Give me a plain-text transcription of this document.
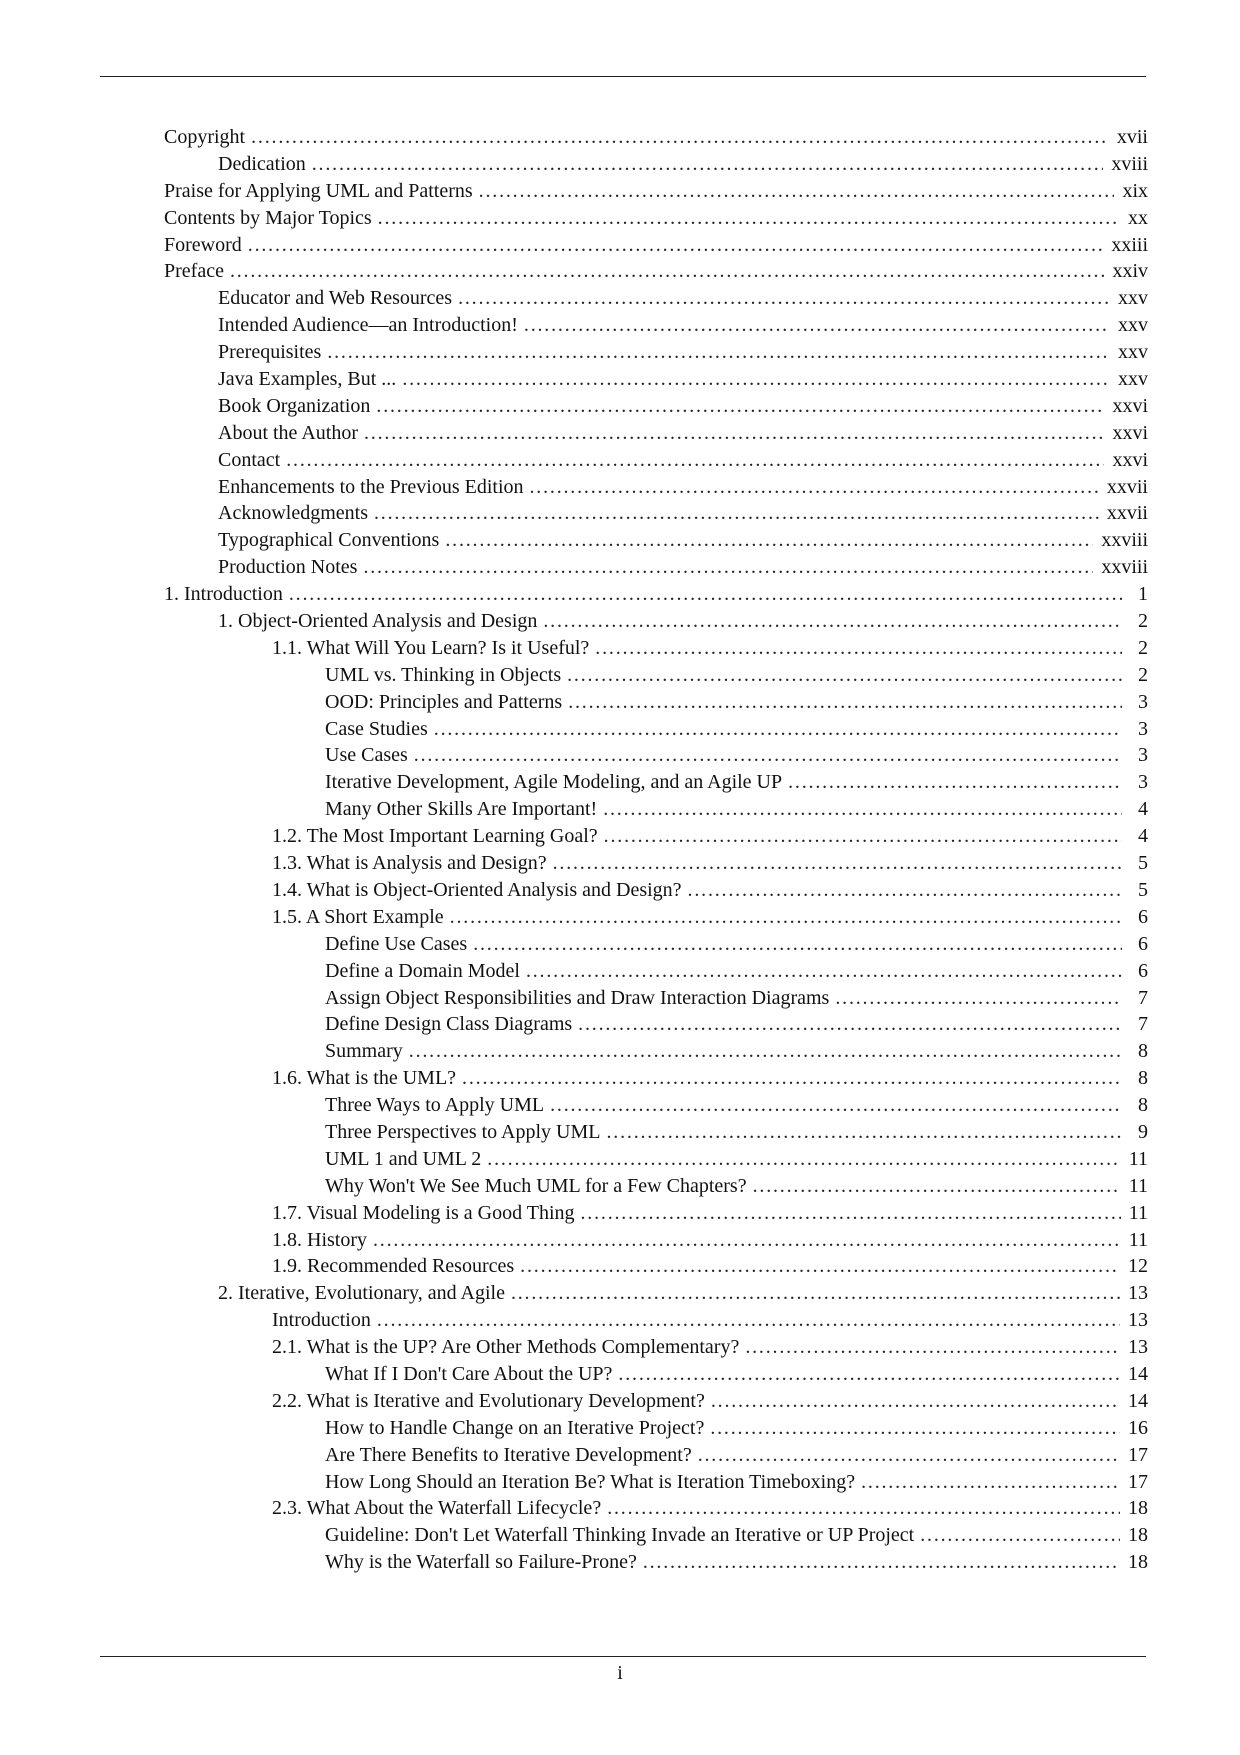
Copyright . . .	xvii
Dedication . . .	xviii
Praise for Applying UML and Patterns . . .	xix
Contents by Major Topics . . .	xx
Foreword . . .	xxiii
Preface . . .	xxiv
Educator and Web Resources . . .	xxv
Intended Audience—an Introduction! . . .	xxv
Prerequisites . . .	xxv
Java Examples, But ... . . .	xxv
Book Organization . . .	xxvi
About the Author . . .	xxvi
Contact . . .	xxvi
Enhancements to the Previous Edition . . .	xxvii
Acknowledgments . . .	xxvii
Typographical Conventions . . .	xxviii
Production Notes . . .	xxviii
1. Introduction . . .	1
1. Object-Oriented Analysis and Design . . .	2
1.1. What Will You Learn? Is it Useful? . . .	2
UML vs. Thinking in Objects . . .	2
OOD: Principles and Patterns . . .	3
Case Studies . . .	3
Use Cases . . .	3
Iterative Development, Agile Modeling, and an Agile UP . . .	3
Many Other Skills Are Important! . . .	4
1.2. The Most Important Learning Goal? . . .	4
1.3. What is Analysis and Design? . . .	5
1.4. What is Object-Oriented Analysis and Design? . . .	5
1.5. A Short Example . . .	6
Define Use Cases . . .	6
Define a Domain Model . . .	6
Assign Object Responsibilities and Draw Interaction Diagrams . . .	7
Define Design Class Diagrams . . .	7
Summary . . .	8
1.6. What is the UML? . . .	8
Three Ways to Apply UML . . .	8
Three Perspectives to Apply UML . . .	9
UML 1 and UML 2 . . .	11
Why Won't We See Much UML for a Few Chapters? . . .	11
1.7. Visual Modeling is a Good Thing . . .	11
1.8. History . . .	11
1.9. Recommended Resources . . .	12
2. Iterative, Evolutionary, and Agile . . .	13
Introduction . . .	13
2.1. What is the UP? Are Other Methods Complementary? . . .	13
What If I Don't Care About the UP? . . .	14
2.2. What is Iterative and Evolutionary Development? . . .	14
How to Handle Change on an Iterative Project? . . .	16
Are There Benefits to Iterative Development? . . .	17
How Long Should an Iteration Be? What is Iteration Timeboxing? . . .	17
2.3. What About the Waterfall Lifecycle? . . .	18
Guideline: Don't Let Waterfall Thinking Invade an Iterative or UP Project . . .	18
Why is the Waterfall so Failure-Prone? . . .	18
i
